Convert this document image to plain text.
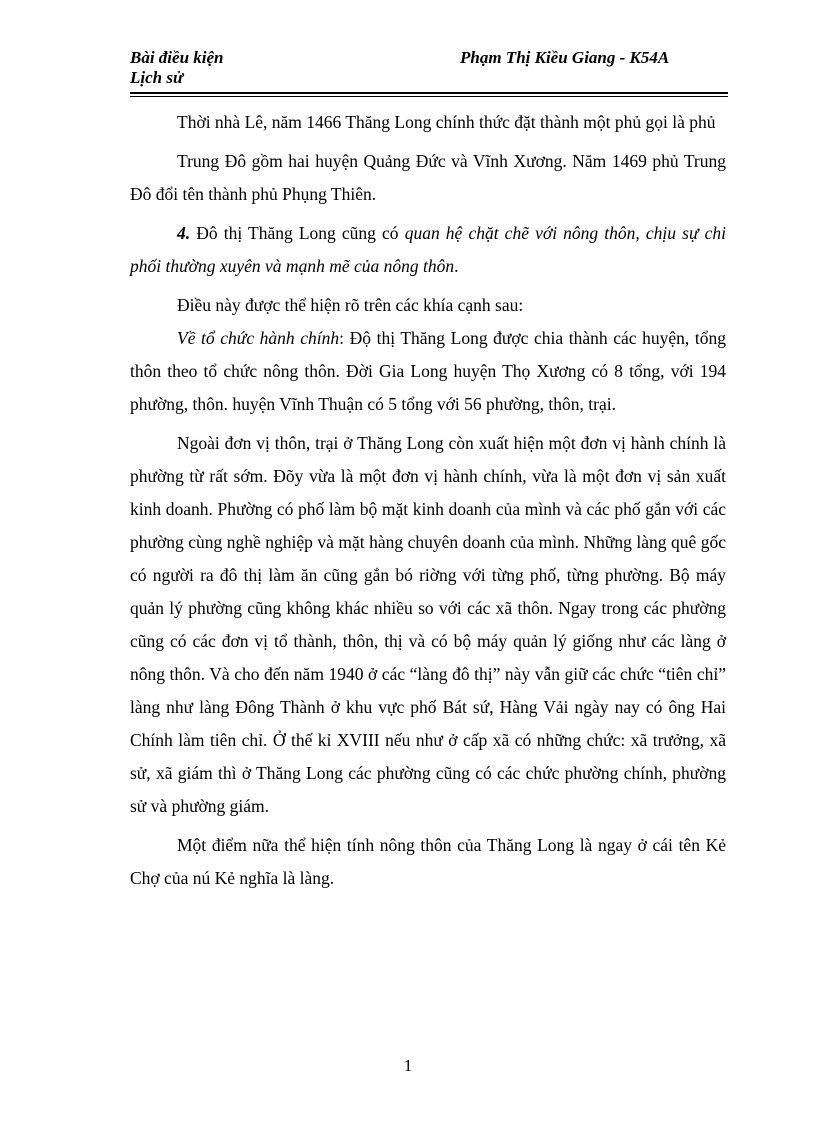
Bài điều kiện
Lịch sử
Phạm Thị Kiều Giang - K54A

Thời nhà Lê, năm 1466 Thăng Long chính thức đặt thành một phủ gọi là phủ

Trung Đô gồm hai huyện Quảng Đức và Vĩnh Xương. Năm 1469 phủ Trung Đô đổi tên thành phủ Phụng Thiên.

4. Đô thị Thăng Long cũng có quan hệ chặt chẽ với nông thôn, chịu sự chi phối thường xuyên và mạnh mẽ của nông thôn.

Điều này được thể hiện rõ trên các khía cạnh sau:

Về tổ chức hành chính: Độ thị Thăng Long được chia thành các huyện, tổng thôn theo tổ chức nông thôn. Đời Gia Long huyện Thọ Xương có 8 tổng, với 194 phường, thôn. huyện Vĩnh Thuận có 5 tổng với 56 phường, thôn, trại.

Ngoài đơn vị thôn, trại ở Thăng Long còn xuất hiện một đơn vị hành chính là phường từ rất sớm. Đõy vừa là một đơn vị hành chính, vừa là một đơn vị sản xuất kinh doanh. Phường có phố làm bộ mặt kinh doanh của mình và các phố gắn với các phường cùng nghề nghiệp và mặt hàng chuyên doanh của mình. Những làng quê gốc có người ra đô thị làm ăn cũng gắn bó riờng với từng phố, từng phường. Bộ máy quản lý phường cũng không khác nhiều so với các xã thôn. Ngay trong các phường cũng có các đơn vị tổ thành, thôn, thị và có bộ máy quản lý giống như các làng ở nông thôn. Và cho đến năm 1940 ở các “làng đô thị” này vẫn giữ các chức “tiên chỉ” làng như làng Đông Thành ở khu vực phố Bát sứ, Hàng Vải ngày nay có ông Hai Chính làm tiên chỉ. Ở thế kỉ XVIII nếu như ở cấp xã có những chức: xã trưởng, xã sử, xã giám thì ở Thăng Long các phường cũng có các chức phường chính, phường sử và phường giám.

Một điểm nữa thể hiện tính nông thôn của Thăng Long là ngay ở cái tên Kẻ Chợ của nú Kẻ nghĩa là làng.

1
